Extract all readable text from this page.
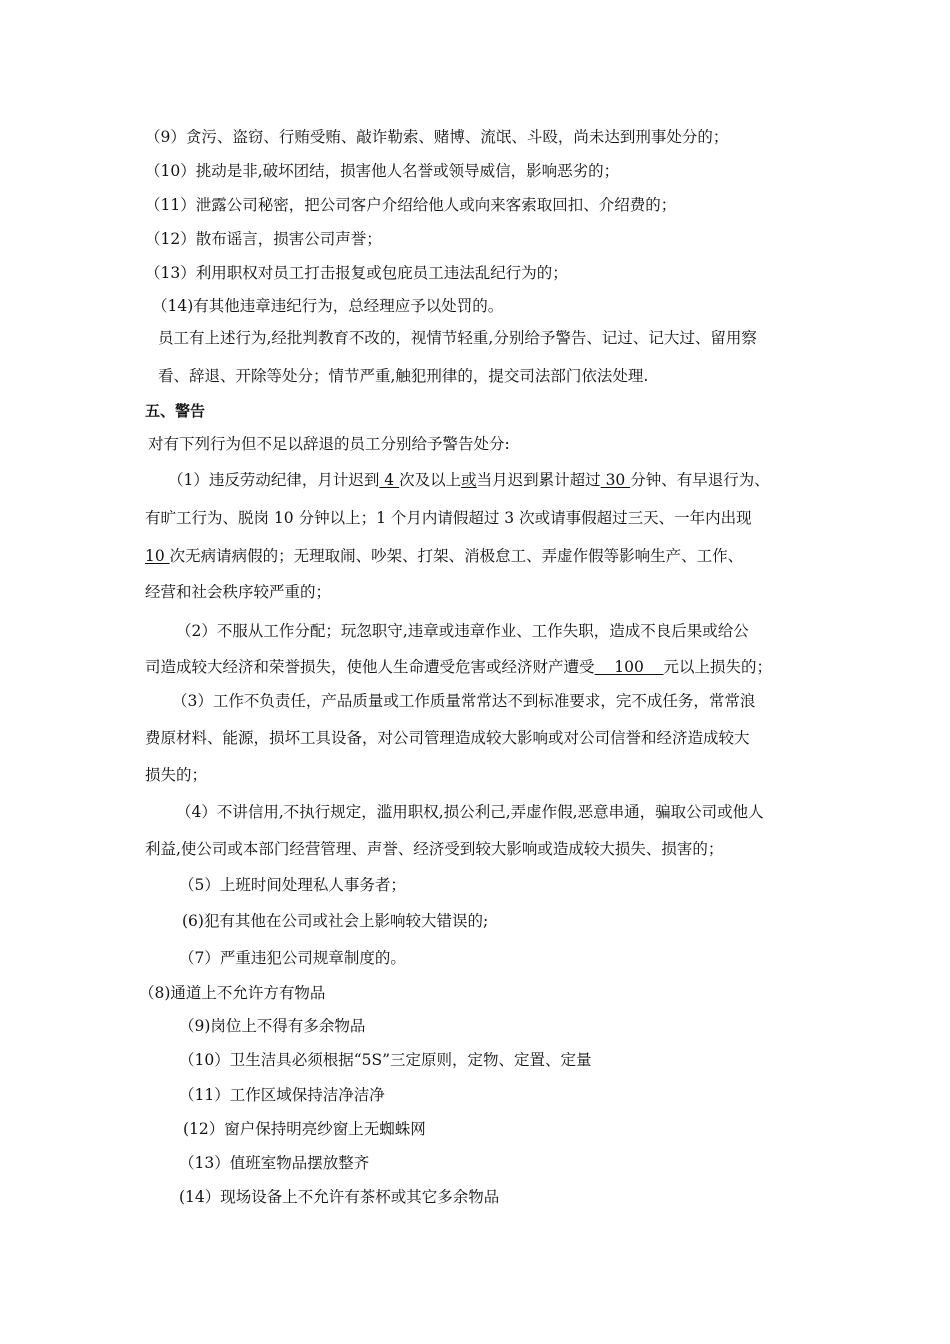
（9）贪污、盗窃、行贿受贿、敲诈勒索、赌博、流氓、斗殴，尚未达到刑事处分的；
（10）挑动是非,破坏团结，损害他人名誉或领导威信，影响恶劣的；
（11）泄露公司秘密，把公司客户介绍给他人或向来客索取回扣、介绍费的；
（12）散布谣言，损害公司声誉；
（13）利用职权对员工打击报复或包庇员工违法乱纪行为的；
（14)有其他违章违纪行为，总经理应予以处罚的。
员工有上述行为,经批判教育不改的，视情节轻重,分别给予警告、记过、记大过、留用察
看、辞退、开除等处分；情节严重,触犯刑律的，提交司法部门依法处理.
五、警告
对有下列行为但不足以辞退的员工分别给予警告处分:
（1）违反劳动纪律，月计迟到 4 次及以上或当月迟到累计超过 30 分钟、有早退行为、
有旷工行为、脱岗 10 分钟以上；1 个月内请假超过 3 次或请事假超过三天、一年内出现
10 次无病请病假的；无理取闹、吵架、打架、消极怠工、弄虚作假等影响生产、工作、
经营和社会秩序较严重的；
（2）不服从工作分配；玩忽职守,违章或违章作业、工作失职，造成不良后果或给公
司造成较大经济和荣誉损失，使他人生命遭受危害或经济财产遭受    100    元以上损失的；
（3）工作不负责任，产品质量或工作质量常常达不到标准要求，完不成任务，常常浪
费原材料、能源，损坏工具设备，对公司管理造成较大影响或对公司信誉和经济造成较大
损失的；
（4）不讲信用,不执行规定，滥用职权,损公利己,弄虚作假,恶意串通，骗取公司或他人
利益,使公司或本部门经营管理、声誉、经济受到较大影响或造成较大损失、损害的；
（5）上班时间处理私人事务者；
(6)犯有其他在公司或社会上影响较大错误的;
（7）严重违犯公司规章制度的。
（8)通道上不允许方有物品
（9)岗位上不得有多余物品
（10）卫生洁具必须根据“5S”三定原则，定物、定置、定量
（11）工作区域保持洁净洁净
(12）窗户保持明亮纱窗上无蜘蛛网
（13）值班室物品摆放整齐
(14）现场设备上不允许有茶杯或其它多余物品
